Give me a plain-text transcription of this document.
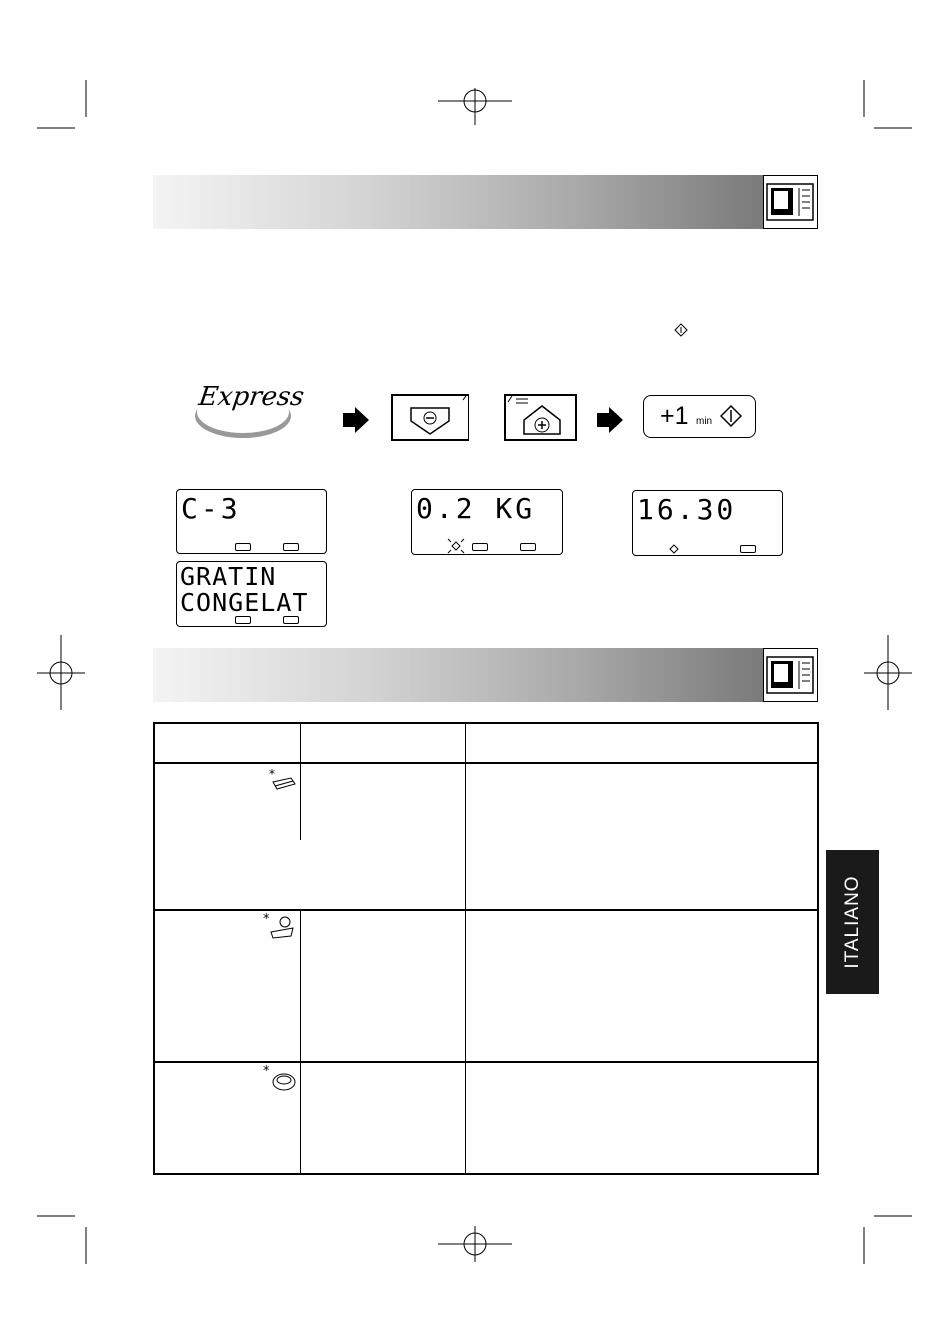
Express
+1 min
C-3	0.2 KG	16.30
GRATIN
CONGELAT
*
*
*
ITALIANO
